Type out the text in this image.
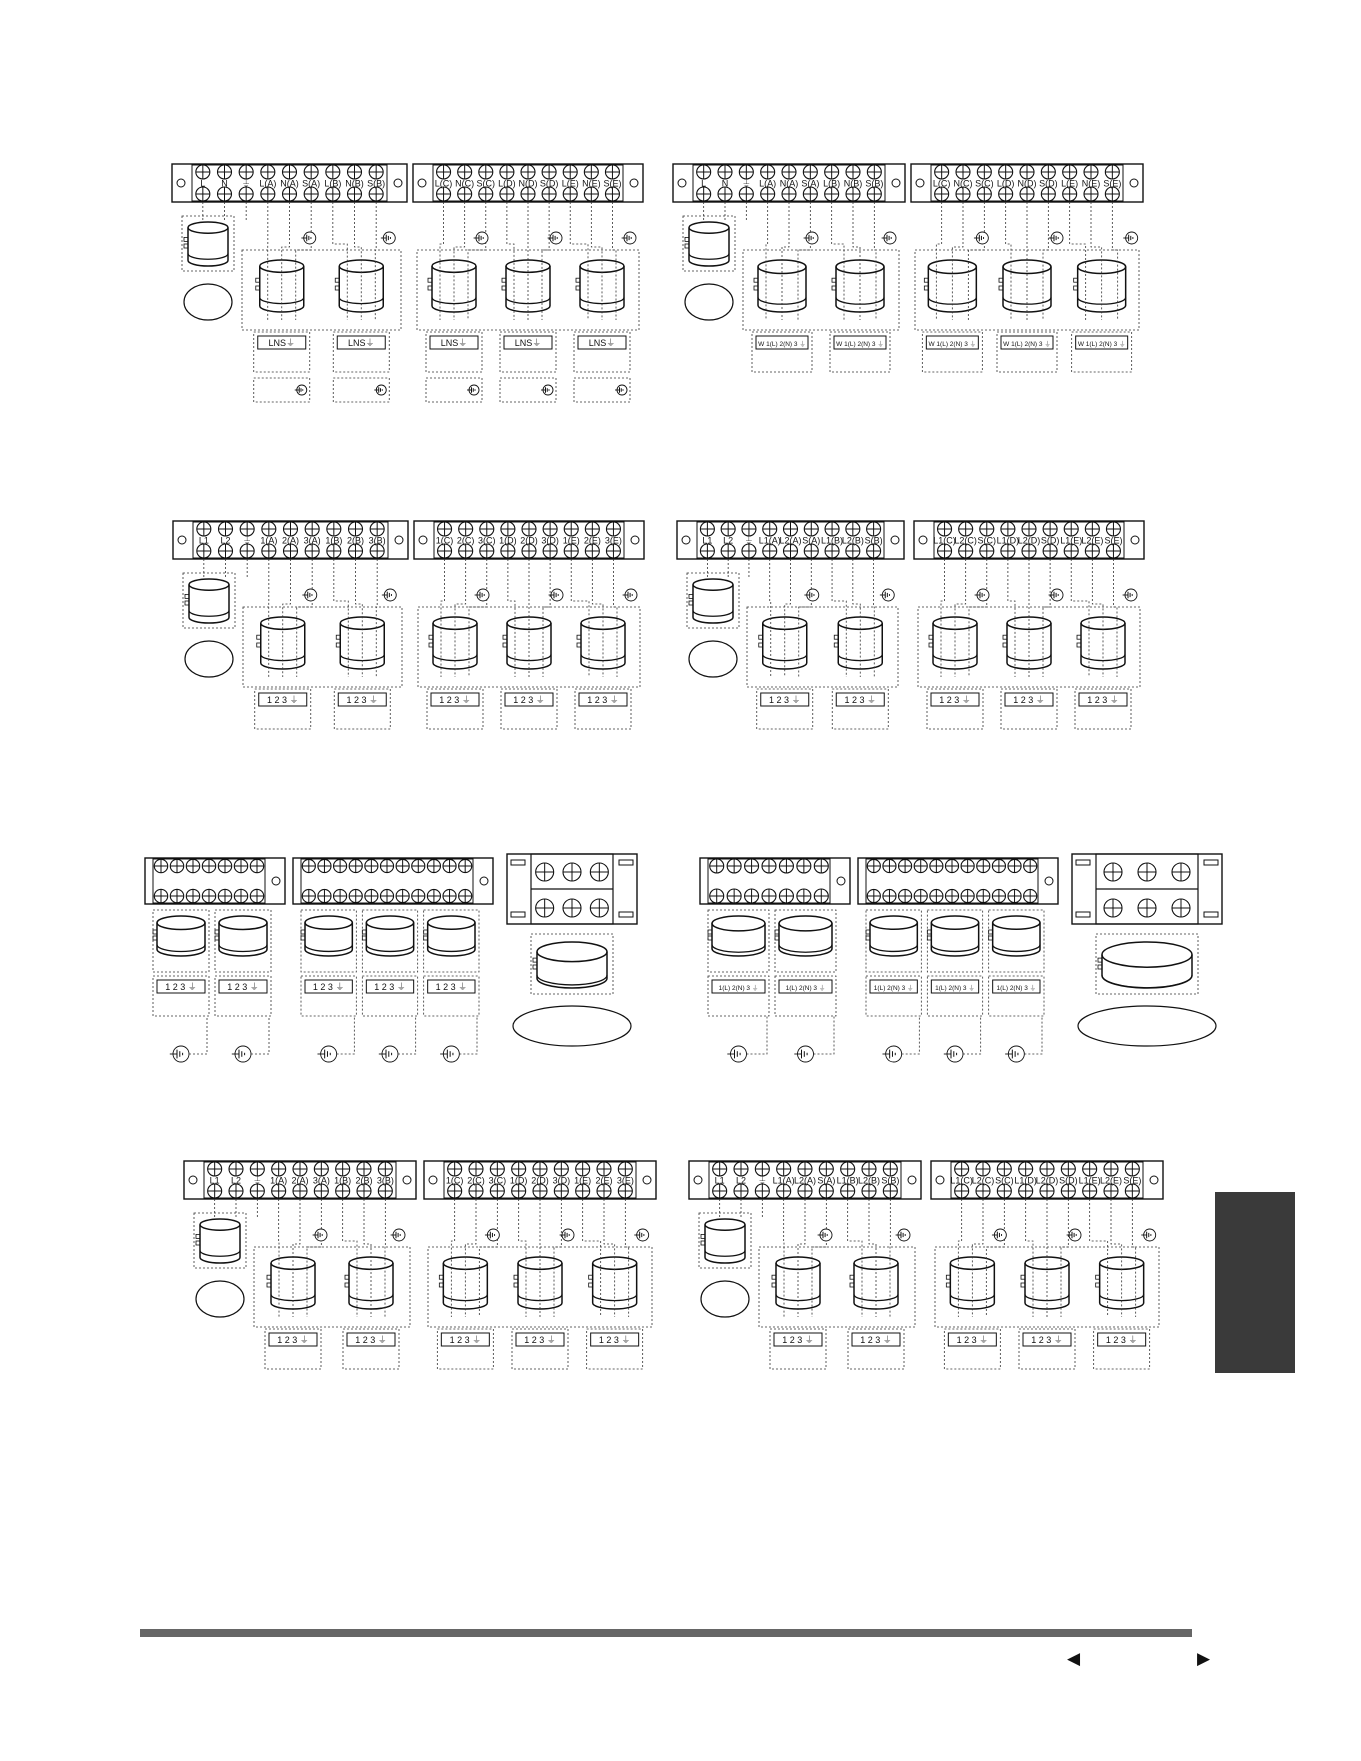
L N ⏚ L(A) N(A) S(A) L(B) N(B) S(B)	L(C) N(C) S(C) L(D) N(D) S(D) L(E) N(E) S(E)
LNS⏚	LNS⏚	LNS⏚	LNS⏚	LNS⏚
L N ⏚ L(A) N(A) S(A) L(B) N(B) S(B)	L(C) N(C) S(C) L(D) N(D) S(D) L(E) N(E) S(E)
W 1(L) 2(N) 3 ⏚	W 1(L) 2(N) 3 ⏚	W 1(L) 2(N) 3 ⏚	W 1(L) 2(N) 3 ⏚	W 1(L) 2(N) 3 ⏚
L1 L2 ⏚ 1(A) 2(A) 3(A) 1(B) 2(B) 3(B)	1(C) 2(C) 3(C) 1(D) 2(D) 3(D) 1(E) 2(E) 3(E)
1 2 3 ⏚	1 2 3 ⏚	1 2 3 ⏚	1 2 3 ⏚	1 2 3 ⏚
L1 L2 ⏚ L1(A)
L2(A) S(A) L1(B)
L2(B) S(B)	L1(C)
L2(C) S(C) L1(D)
L2(D) S(D) L1(E) L2(E) S(E)
1 2 3 ⏚	1 2 3 ⏚	1 2 3 ⏚	1 2 3 ⏚	1 2 3 ⏚
1 2 3 ⏚	1 2 3 ⏚	1 2 3 ⏚	1 2 3 ⏚	1 2 3 ⏚	1(L) 2(N) 3 ⏚	1(L) 2(N) 3 ⏚	1(L) 2(N) 3 ⏚	1(L) 2(N) 3 ⏚	1(L) 2(N) 3 ⏚
L1 L2 ⏚ 1(A) 2(A) 3(A) 1(B) 2(B) 3(B)	1(C) 2(C) 3(C) 1(D) 2(D) 3(D) 1(E) 2(E) 3(E)
1 2 3 ⏚	1 2 3 ⏚	1 2 3 ⏚	1 2 3 ⏚	1 2 3 ⏚
L1 L2 ⏚ L1(A) L2(A) S(A) L1(B) L2(B) S(B)	L1(C)
L2(C) S(C) L1(D)
L2(D) S(D) L1(E) L2(E) S(E)
1 2 3 ⏚	1 2 3 ⏚	1 2 3 ⏚	1 2 3 ⏚	1 2 3 ⏚
◀	▶
